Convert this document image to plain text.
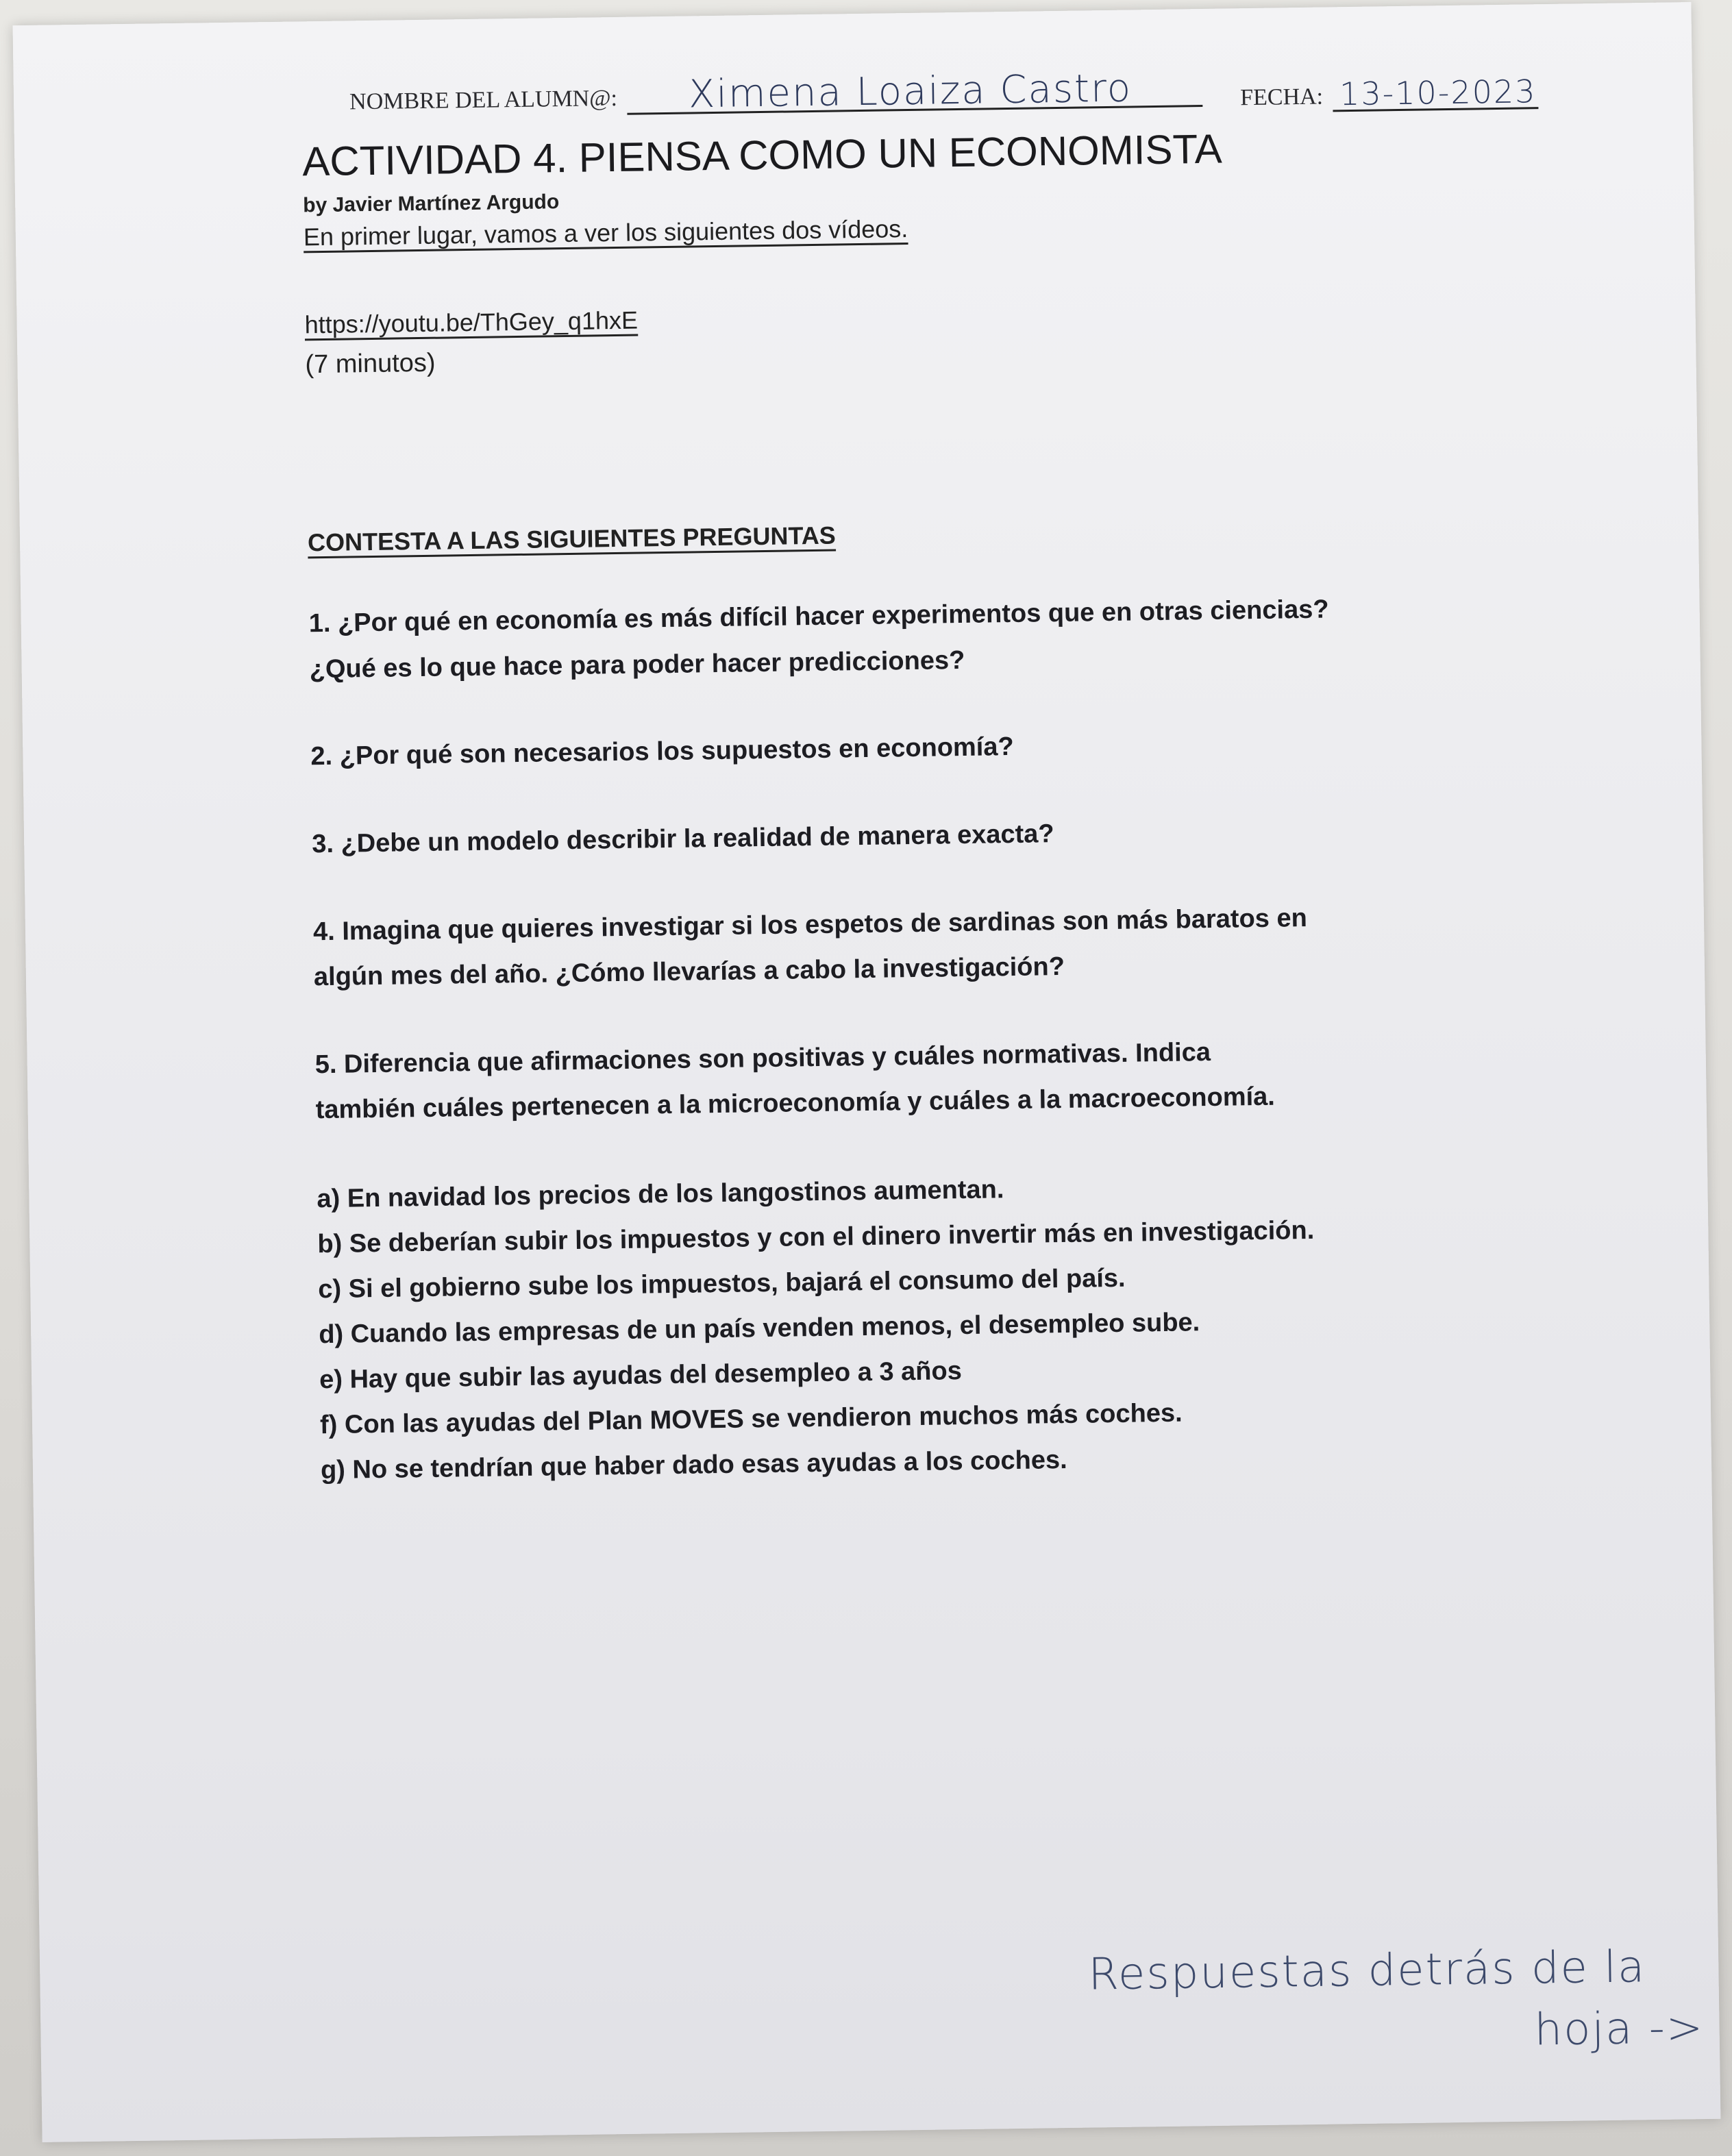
NOMBRE DEL ALUMN@: Ximena Loaiza Castro	FECHA: 13-10-2023
ACTIVIDAD 4. PIENSA COMO UN ECONOMISTA
by Javier Martínez Argudo
En primer lugar, vamos a ver los siguientes dos vídeos.
https://youtu.be/ThGey_q1hxE
(7 minutos)
CONTESTA A LAS SIGUIENTES PREGUNTAS
1. ¿Por qué en economía es más difícil hacer experimentos que en otras ciencias?
¿Qué es lo que hace para poder hacer predicciones?
2. ¿Por qué son necesarios los supuestos en economía?
3. ¿Debe un modelo describir la realidad de manera exacta?
4. Imagina que quieres investigar si los espetos de sardinas son más baratos en
algún mes del año. ¿Cómo llevarías a cabo la investigación?
5. Diferencia que afirmaciones son positivas y cuáles normativas. Indica
también cuáles pertenecen a la microeconomía y cuáles a la macroeconomía.
a) En navidad los precios de los langostinos aumentan.
b) Se deberían subir los impuestos y con el dinero invertir más en investigación.
c) Si el gobierno sube los impuestos, bajará el consumo del país.
d) Cuando las empresas de un país venden menos, el desempleo sube.
e) Hay que subir las ayudas del desempleo a 3 años
f) Con las ayudas del Plan MOVES se vendieron muchos más coches.
g) No se tendrían que haber dado esas ayudas a los coches.
Respuestas detrás de la
hoja ->
